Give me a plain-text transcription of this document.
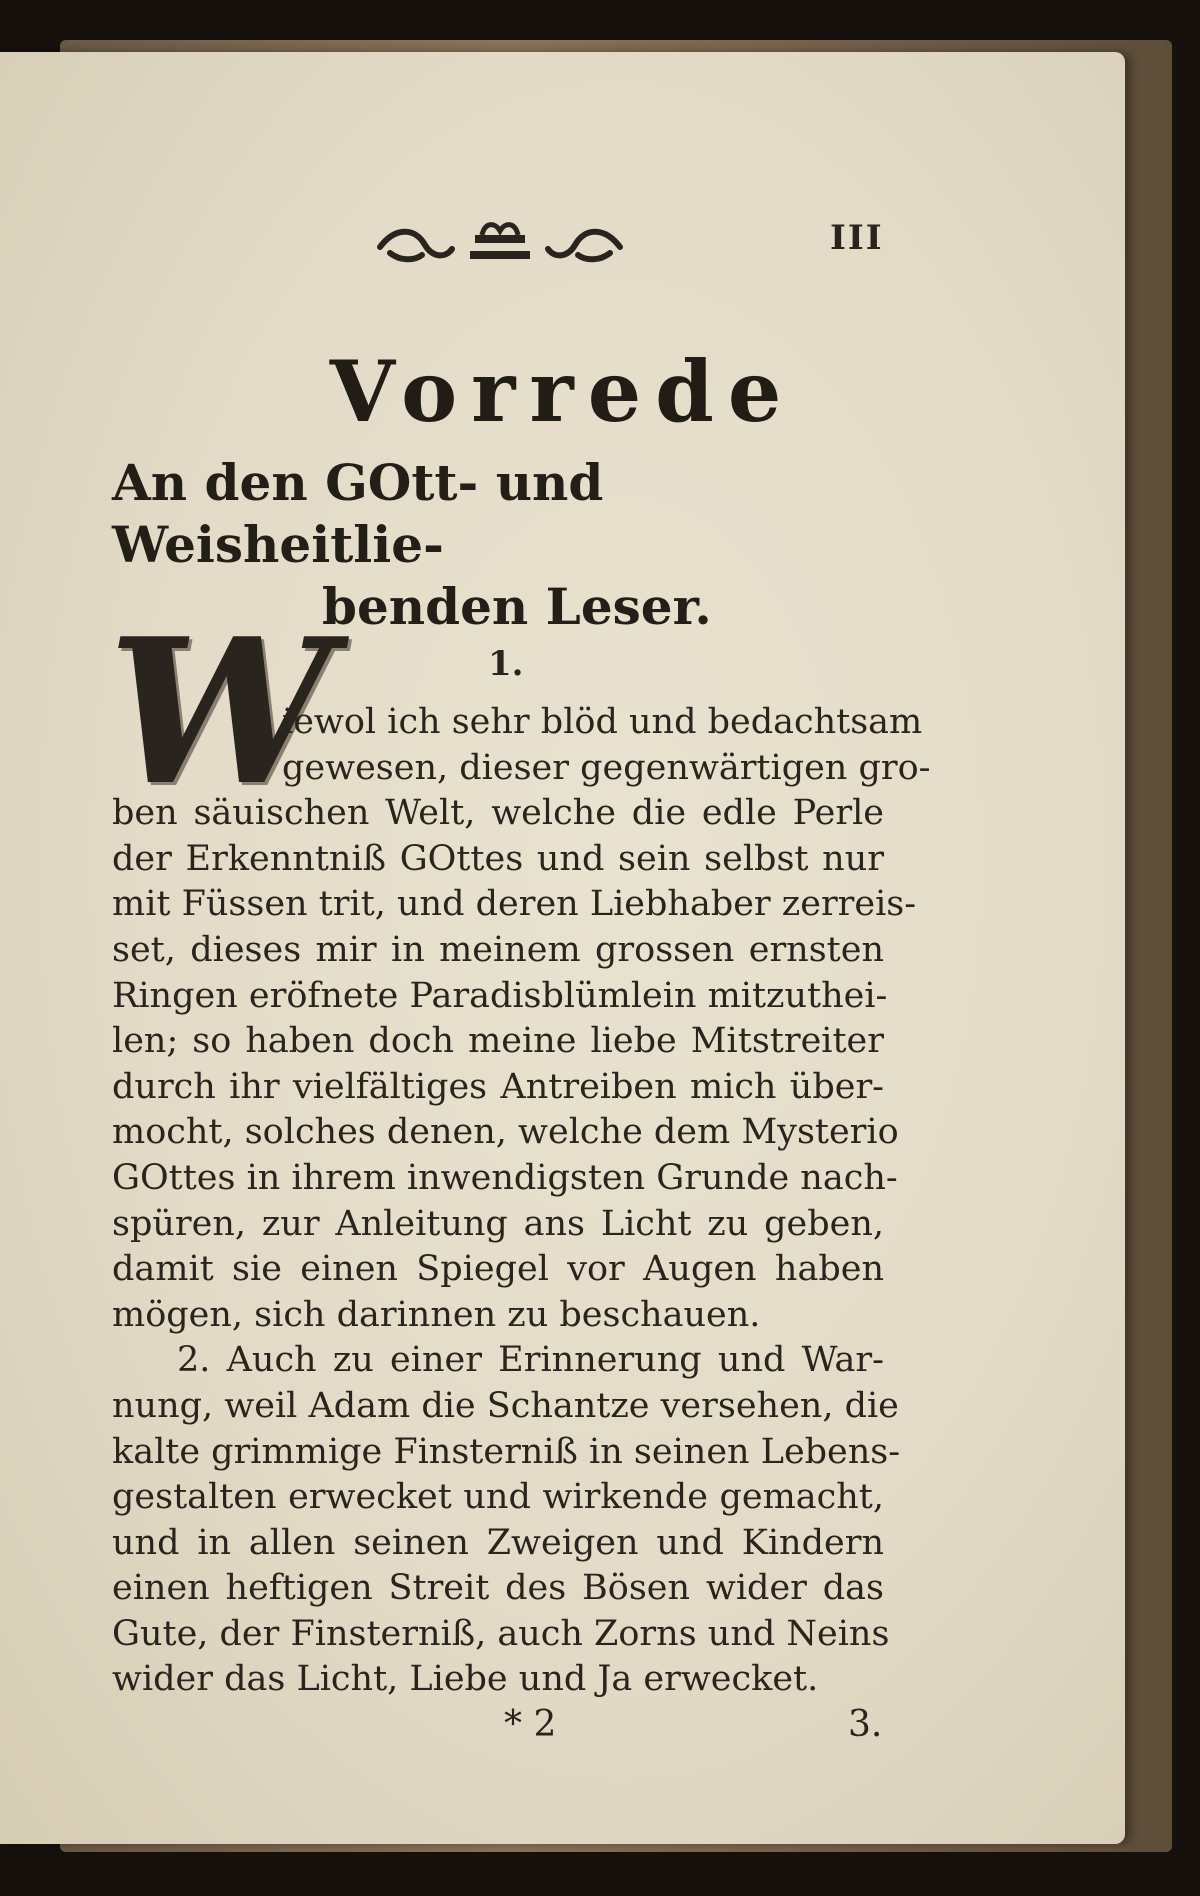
III
Vorrede
An den GOtt- und Weisheitlie-
benden Leser.
1.
W
iewol ich sehr blöd und bedachtsam
gewesen, dieser gegenwärtigen gro-
ben säuischen Welt, welche die edle Perle
der Erkenntniß GOttes und sein selbst nur
mit Füssen trit, und deren Liebhaber zerreis-
set, dieses mir in meinem grossen ernsten
Ringen eröfnete Paradisblümlein mitzuthei-
len; so haben doch meine liebe Mitstreiter
durch ihr vielfältiges Antreiben mich über-
mocht, solches denen, welche dem Mysterio
GOttes in ihrem inwendigsten Grunde nach-
spüren, zur Anleitung ans Licht zu geben,
damit sie einen Spiegel vor Augen haben
mögen, sich darinnen zu beschauen.
2. Auch zu einer Erinnerung und War-
nung, weil Adam die Schantze versehen, die
kalte grimmige Finsterniß in seinen Lebens-
gestalten erwecket und wirkende gemacht,
und in allen seinen Zweigen und Kindern
einen heftigen Streit des Bösen wider das
Gute, der Finsterniß, auch Zorns und Neins
wider das Licht, Liebe und Ja erwecket.
* 2	3.
